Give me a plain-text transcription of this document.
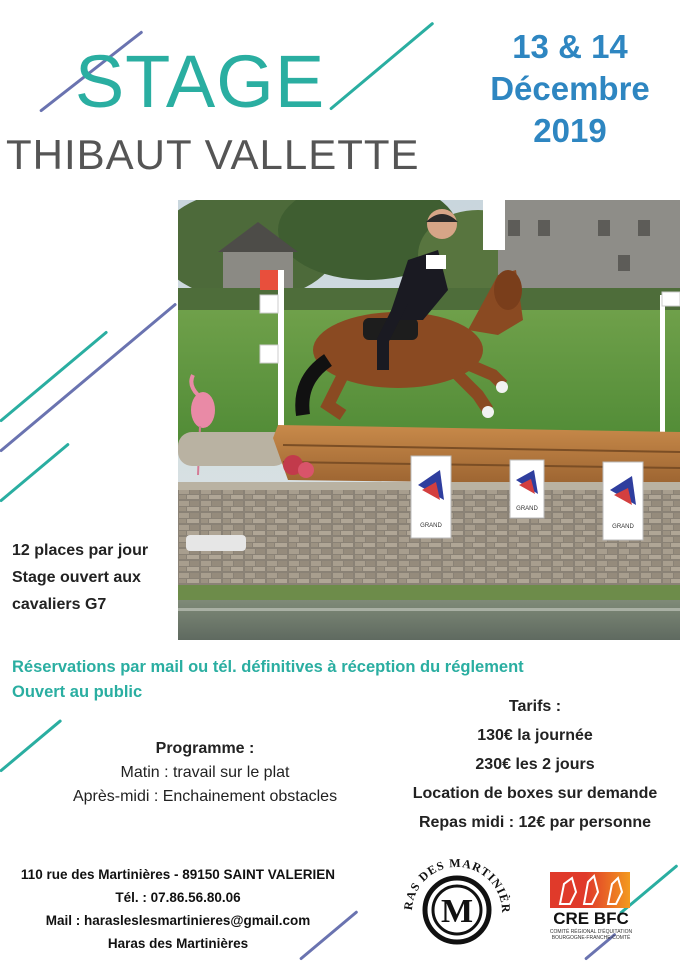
STAGE
THIBAUT VALLETTE
13 & 14
Décembre
2019
GRAND
GRAND
GRAND
12 places par jour
Stage ouvert aux
cavaliers G7
Réservations par mail ou tél. définitives à réception du réglement
Ouvert au public
Programme :
Matin : travail sur le plat
Après-midi : Enchainement obstacles
Tarifs :
130€ la journée
230€ les 2 jours
Location de boxes sur demande
Repas midi : 12€ par personne
110 rue des Martinières - 89150 SAINT VALERIEN
Tél. : 07.86.56.80.06
Mail : harasleslesmartinieres@gmail.com
Haras des Martinières
M
RAS DES MARTINIÈR
CRE BFC
COMITÉ RÉGIONAL D'ÉQUITATION
BOURGOGNE-FRANCHE-COMTÉ
